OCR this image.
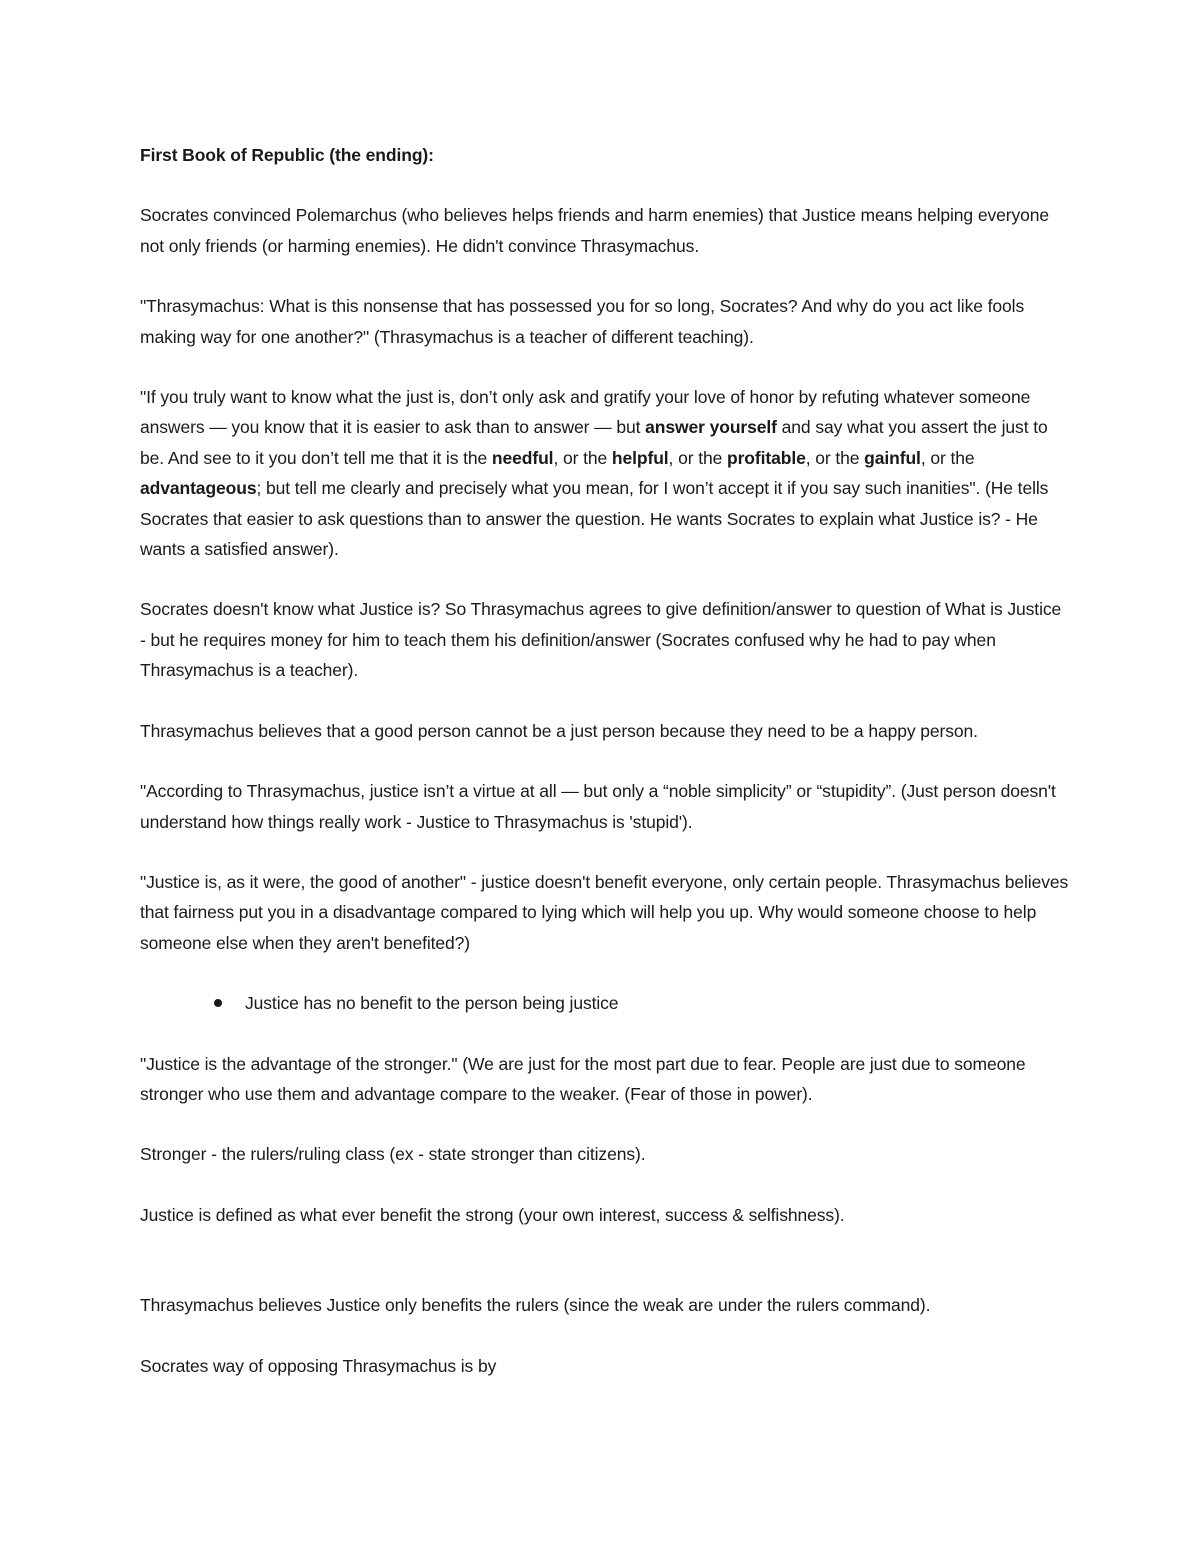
First Book of Republic (the ending):

Socrates convinced Polemarchus (who believes helps friends and harm enemies) that Justice means helping everyone not only friends (or harming enemies). He didn't convince Thrasymachus.

"Thrasymachus: What is this nonsense that has possessed you for so long, Socrates? And why do you act like fools making way for one another?" (Thrasymachus is a teacher of different teaching).

"If you truly want to know what the just is, don’t only ask and gratify your love of honor by refuting whatever someone answers — you know that it is easier to ask than to answer — but answer yourself and say what you assert the just to be. And see to it you don’t tell me that it is the needful, or the helpful, or the profitable, or the gainful, or the advantageous; but tell me clearly and precisely what you mean, for I won’t accept it if you say such inanities". (He tells Socrates that easier to ask questions than to answer the question. He wants Socrates to explain what Justice is? - He wants a satisfied answer).

Socrates doesn't know what Justice is? So Thrasymachus agrees to give definition/answer to question of What is Justice - but he requires money for him to teach them his definition/answer (Socrates confused why he had to pay when Thrasymachus is a teacher).

Thrasymachus believes that a good person cannot be a just person because they need to be a happy person.

"According to Thrasymachus, justice isn’t a virtue at all — but only a “noble simplicity” or “stupidity”. (Just person doesn't understand how things really work - Justice to Thrasymachus is 'stupid').

"Justice is, as it were, the good of another" - justice doesn't benefit everyone, only certain people. Thrasymachus believes that fairness put you in a disadvantage compared to lying which will help you up. Why would someone choose to help someone else when they aren't benefited?)

Justice has no benefit to the person being justice

"Justice is the advantage of the stronger." (We are just for the most part due to fear. People are just due to someone stronger who use them and advantage compare to the weaker. (Fear of those in power).

Stronger - the rulers/ruling class (ex - state stronger than citizens).

Justice is defined as what ever benefit the strong (your own interest, success & selfishness).

Thrasymachus believes Justice only benefits the rulers (since the weak are under the rulers command).

Socrates way of opposing Thrasymachus is by
